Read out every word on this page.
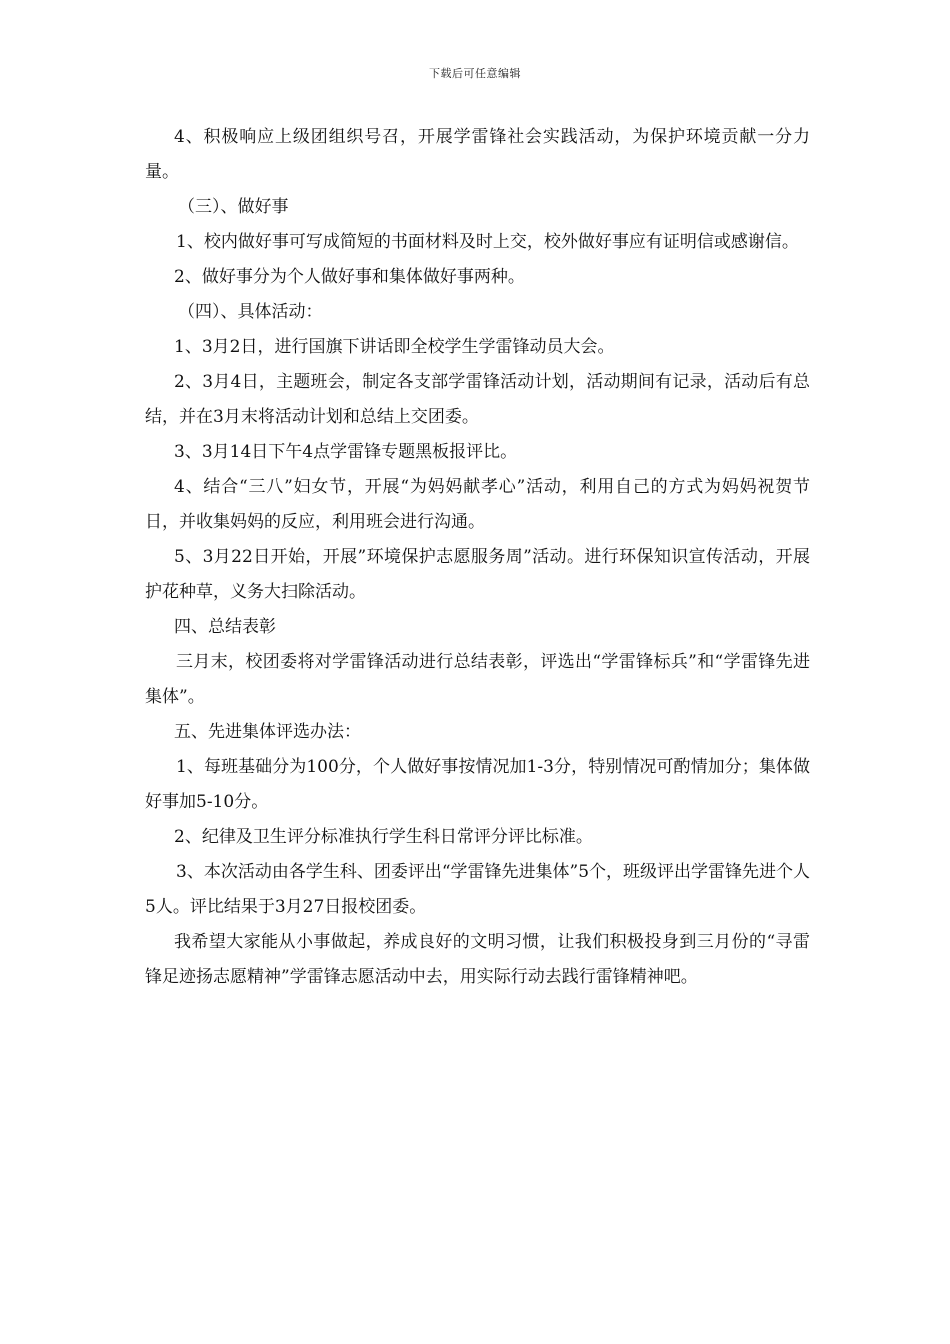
下载后可任意编辑

4、积极响应上级团组织号召，开展学雷锋社会实践活动，为保护环境贡献一分力量。

（三）、做好事

1、校内做好事可写成简短的书面材料及时上交，校外做好事应有证明信或感谢信。

2、做好事分为个人做好事和集体做好事两种。

（四）、具体活动：

1、3月2日，进行国旗下讲话即全校学生学雷锋动员大会。

2、3月4日，主题班会，制定各支部学雷锋活动计划，活动期间有记录，活动后有总结，并在3月末将活动计划和总结上交团委。

3、3月14日下午4点学雷锋专题黑板报评比。

4、结合“三八”妇女节，开展“为妈妈献孝心”活动，利用自己的方式为妈妈祝贺节日，并收集妈妈的反应，利用班会进行沟通。

5、3月22日开始，开展”环境保护志愿服务周”活动。进行环保知识宣传活动，开展护花种草，义务大扫除活动。

四、总结表彰

三月末，校团委将对学雷锋活动进行总结表彰，评选出“学雷锋标兵”和“学雷锋先进集体”。

五、先进集体评选办法：

1、每班基础分为100分，个人做好事按情况加1-3分，特别情况可酌情加分；集体做好事加5-10分。

2、纪律及卫生评分标准执行学生科日常评分评比标准。

3、本次活动由各学生科、团委评出“学雷锋先进集体”5个，班级评出学雷锋先进个人5人。评比结果于3月27日报校团委。

我希望大家能从小事做起，养成良好的文明习惯，让我们积极投身到三月份的“寻雷锋足迹扬志愿精神”学雷锋志愿活动中去，用实际行动去践行雷锋精神吧。
